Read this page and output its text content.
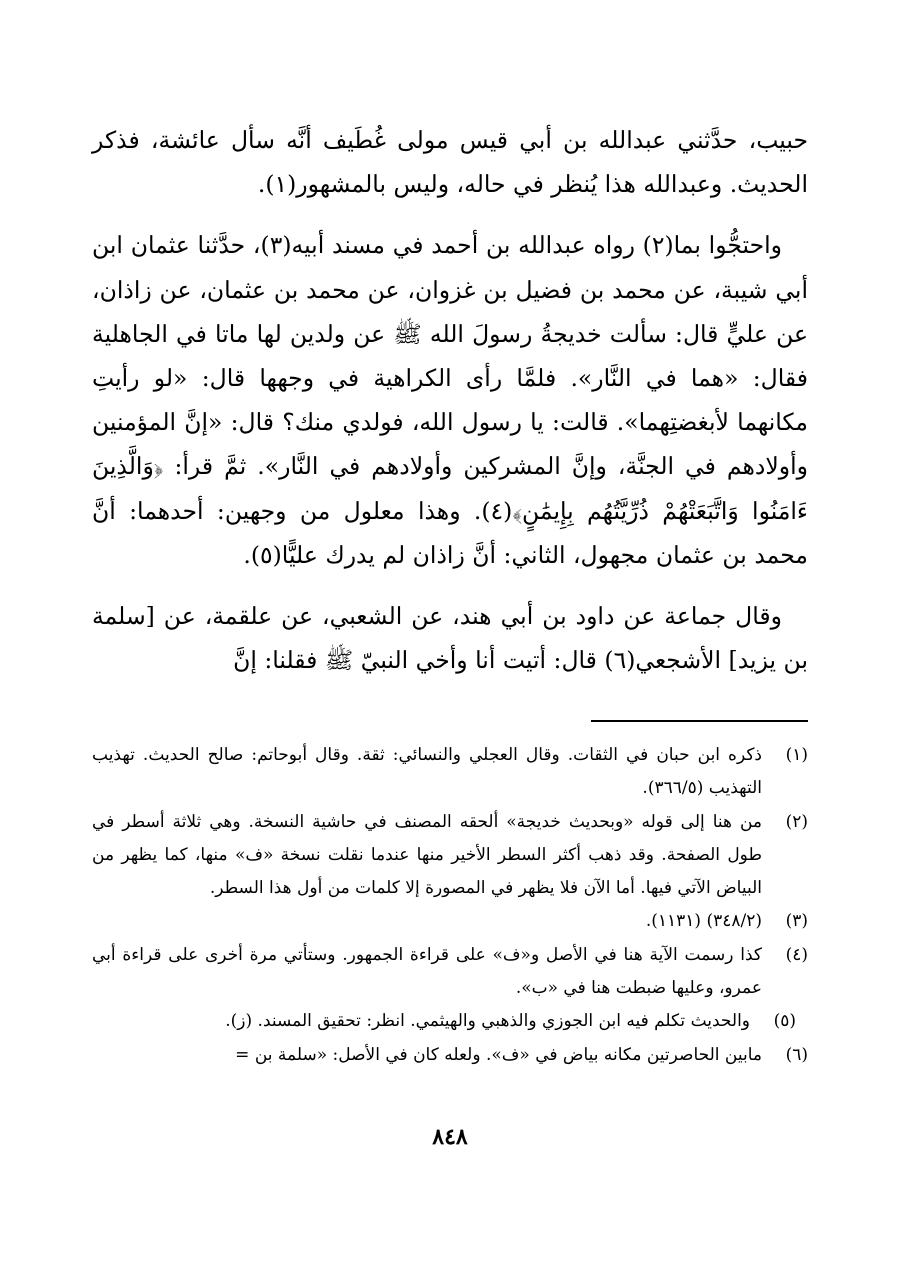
حبيب، حدَّثني عبدالله بن أبي قيس مولى غُطَيف أنَّه سأل عائشة، فذكر الحديث. وعبدالله هذا يُنظر في حاله، وليس بالمشهور(١).

واحتجُّوا بما(٢) رواه عبدالله بن أحمد في مسند أبيه(٣)، حدَّثنا عثمان ابن أبي شيبة، عن محمد بن فضيل بن غزوان، عن محمد بن عثمان، عن زاذان، عن عليٍّ قال: سألت خديجةُ رسولَ الله ﷺ عن ولدين لها ماتا في الجاهلية فقال: «هما في النَّار». فلمَّا رأى الكراهية في وجهها قال: «لو رأيتِ مكانهما لأبغضتِهما». قالت: يا رسول الله، فولدي منك؟ قال: «إنَّ المؤمنين وأولادهم في الجنَّة، وإنَّ المشركين وأولادهم في النَّار». ثمَّ قرأ: ﴿وَالَّذِينَ ءَامَنُوا وَاتَّبَعَتْهُمْ ذُرِّيَّتُهُم بِإِيمَٰنٍ﴾(٤). وهذا معلول من وجهين: أحدهما: أنَّ محمد بن عثمان مجهول، الثاني: أنَّ زاذان لم يدرك عليًّا(٥).

وقال جماعة عن داود بن أبي هند، عن الشعبي، عن علقمة، عن [سلمة بن يزيد] الأشجعي(٦) قال: أتيت أنا وأخي النبيّ ﷺ فقلنا: إنَّ

(١)
ذكره ابن حبان في الثقات. وقال العجلي والنسائي: ثقة. وقال أبوحاتم: صالح الحديث. تهذيب التهذيب (٣٦٦/٥).
(٢)
من هنا إلى قوله «وبحديث خديجة» ألحقه المصنف في حاشية النسخة. وهي ثلاثة أسطر في طول الصفحة. وقد ذهب أكثر السطر الأخير منها عندما نقلت نسخة «ف» منها، كما يظهر من البياض الآتي فيها. أما الآن فلا يظهر في المصورة إلا كلمات من أول هذا السطر.
(٣)
(٣٤٨/٢) (١١٣١).
(٤)
كذا رسمت الآية هنا في الأصل و«ف» على قراءة الجمهور. وستأتي مرة أخرى على قراءة أبي عمرو، وعليها ضبطت هنا في «ب».
(٥)
والحديث تكلم فيه ابن الجوزي والذهبي والهيثمي. انظر: تحقيق المسند. (ز).
(٦)
مابين الحاصرتين مكانه بياض في «ف». ولعله كان في الأصل: «سلمة بن =
٨٤٨
